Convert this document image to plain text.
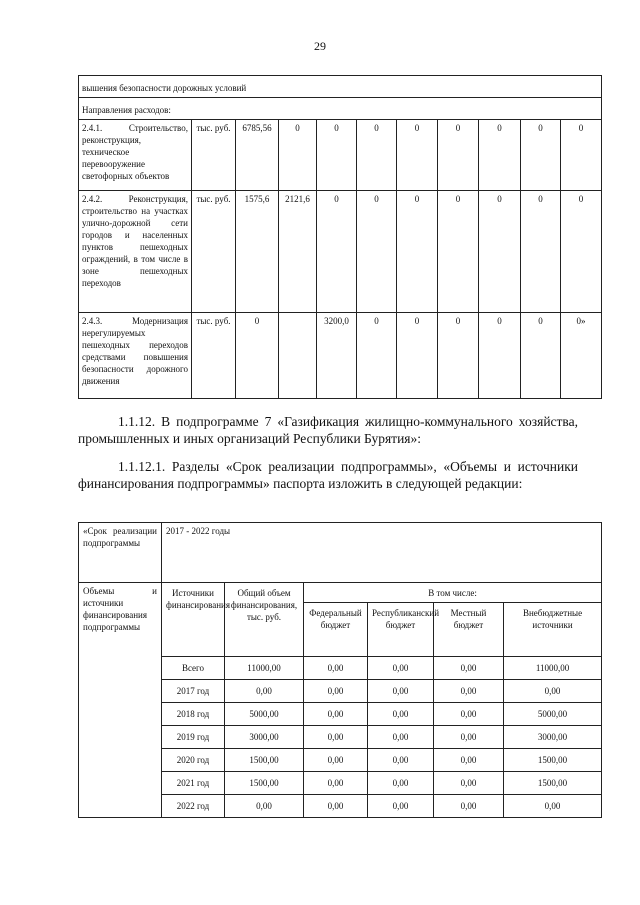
29
вышения безопасности дорожных условий										
Направления расходов:										
2.4.1. Строительство, реконструкция, техническое перевооружение светофорных объектов	тыс. руб.	6785,56	0	0	0	0	0	0	0	0
2.4.2. Реконструкция, строительство на участках улично-дорожной сети городов и населенных пунктов пешеходных ограждений, в том числе в зоне пешеходных переходов	тыс. руб.	1575,6	2121,6	0	0	0	0	0	0	0
2.4.3. Модернизация нерегулируемых пешеходных переходов средствами повышения безопасности дорожного движения	тыс. руб.	0		3200,0	0	0	0	0	0	0»

1.1.12. В подпрограмме 7 «Газификация жилищно-коммунального хозяйства, промышленных и иных организаций Республики Бурятия»:

1.1.12.1. Разделы «Срок реализации подпрограммы», «Объемы и источники финансирования подпрограммы» паспорта изложить в следующей редакции:

«Срок реализации подпрограммы	2017 - 2022 годы					
Объемы и источники финансирования подпрограммы	Источники финансирования	Общий объем финансирования, тыс. руб.	В том числе:			
			Федеральный бюджет	Республиканский бюджет	Местный бюджет	Внебюджетные источники
	Всего	11000,00	0,00	0,00	0,00	11000,00
	2017 год	0,00	0,00	0,00	0,00	0,00
	2018 год	5000,00	0,00	0,00	0,00	5000,00
	2019 год	3000,00	0,00	0,00	0,00	3000,00
	2020 год	1500,00	0,00	0,00	0,00	1500,00
	2021 год	1500,00	0,00	0,00	0,00	1500,00
	2022 год	0,00	0,00	0,00	0,00	0,00
